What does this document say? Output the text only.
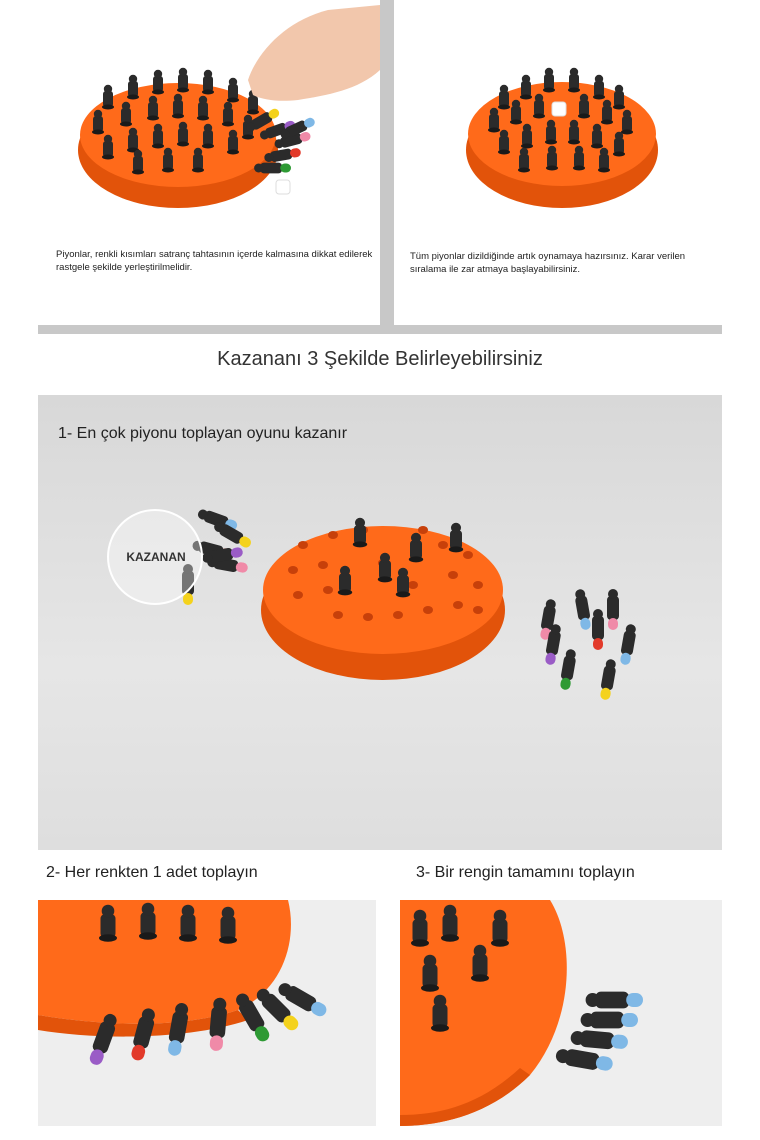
Piyonlar, renkli kısımları satranç tahtasının içerde kalmasına dikkat edilerek rastgele şekilde yerleştirilmelidir.
Tüm piyonlar dizildiğinde artık oynamaya hazırsınız. Karar verilen sıralama ile zar atmaya başlayabilirsiniz.
Kazananı 3 Şekilde Belirleyebilirsiniz
1- En çok piyonu toplayan oyunu kazanır
KAZANAN
2- Her renkten 1 adet toplayın	3- Bir rengin tamamını toplayın
